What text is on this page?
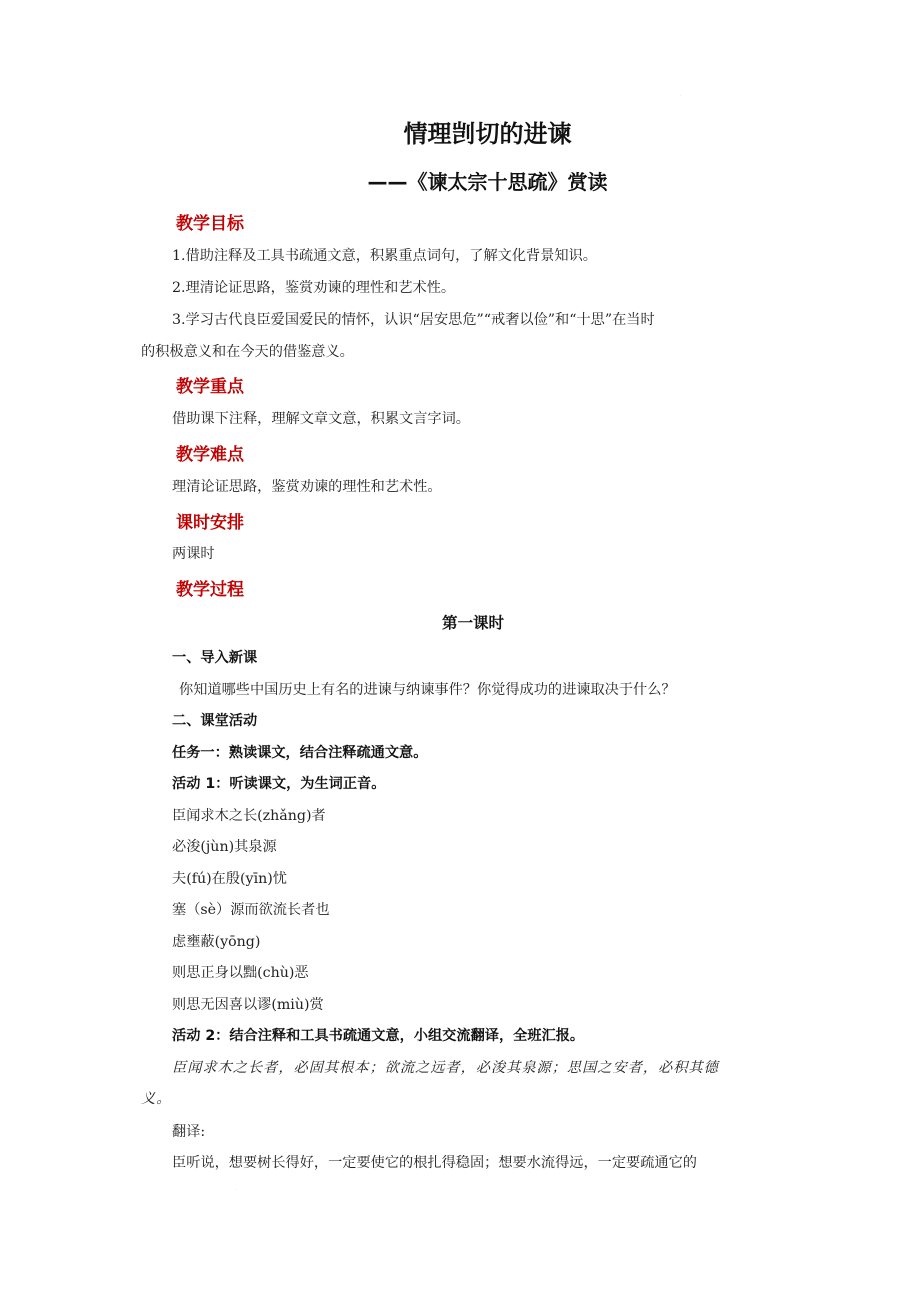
.
情理剀切的进谏
——《谏太宗十思疏》赏读
教学目标
1.借助注释及工具书疏通文意，积累重点词句，了解文化背景知识。
2.理清论证思路，鉴赏劝谏的理性和艺术性。
3.学习古代良臣爱国爱民的情怀，认识“居安思危”“戒奢以俭”和“十思”在当时
的积极意义和在今天的借鉴意义。
教学重点
借助课下注释，理解文章文意，积累文言字词。
教学难点
理清论证思路，鉴赏劝谏的理性和艺术性。
课时安排
两课时
教学过程
第一课时
一、导入新课
你知道哪些中国历史上有名的进谏与纳谏事件？你觉得成功的进谏取决于什么？
二、课堂活动
任务一：熟读课文，结合注释疏通文意。
活动 1：听读课文，为生词正音。
臣闻求木之长(zhǎng)者
必浚(jùn)其泉源
夫(fú)在殷(yīn)忧
塞（sè）源而欲流长者也
虑壅蔽(yōng)
则思正身以黜(chù)恶
则思无因喜以谬(miù)赏
活动 2：结合注释和工具书疏通文意，小组交流翻译，全班汇报。
臣闻求木之长者，必固其根本；欲流之远者，必浚其泉源；思国之安者，必积其德
义。
翻译:
臣听说，想要树长得好，一定要使它的根扎得稳固；想要水流得远，一定要疏通它的
.
